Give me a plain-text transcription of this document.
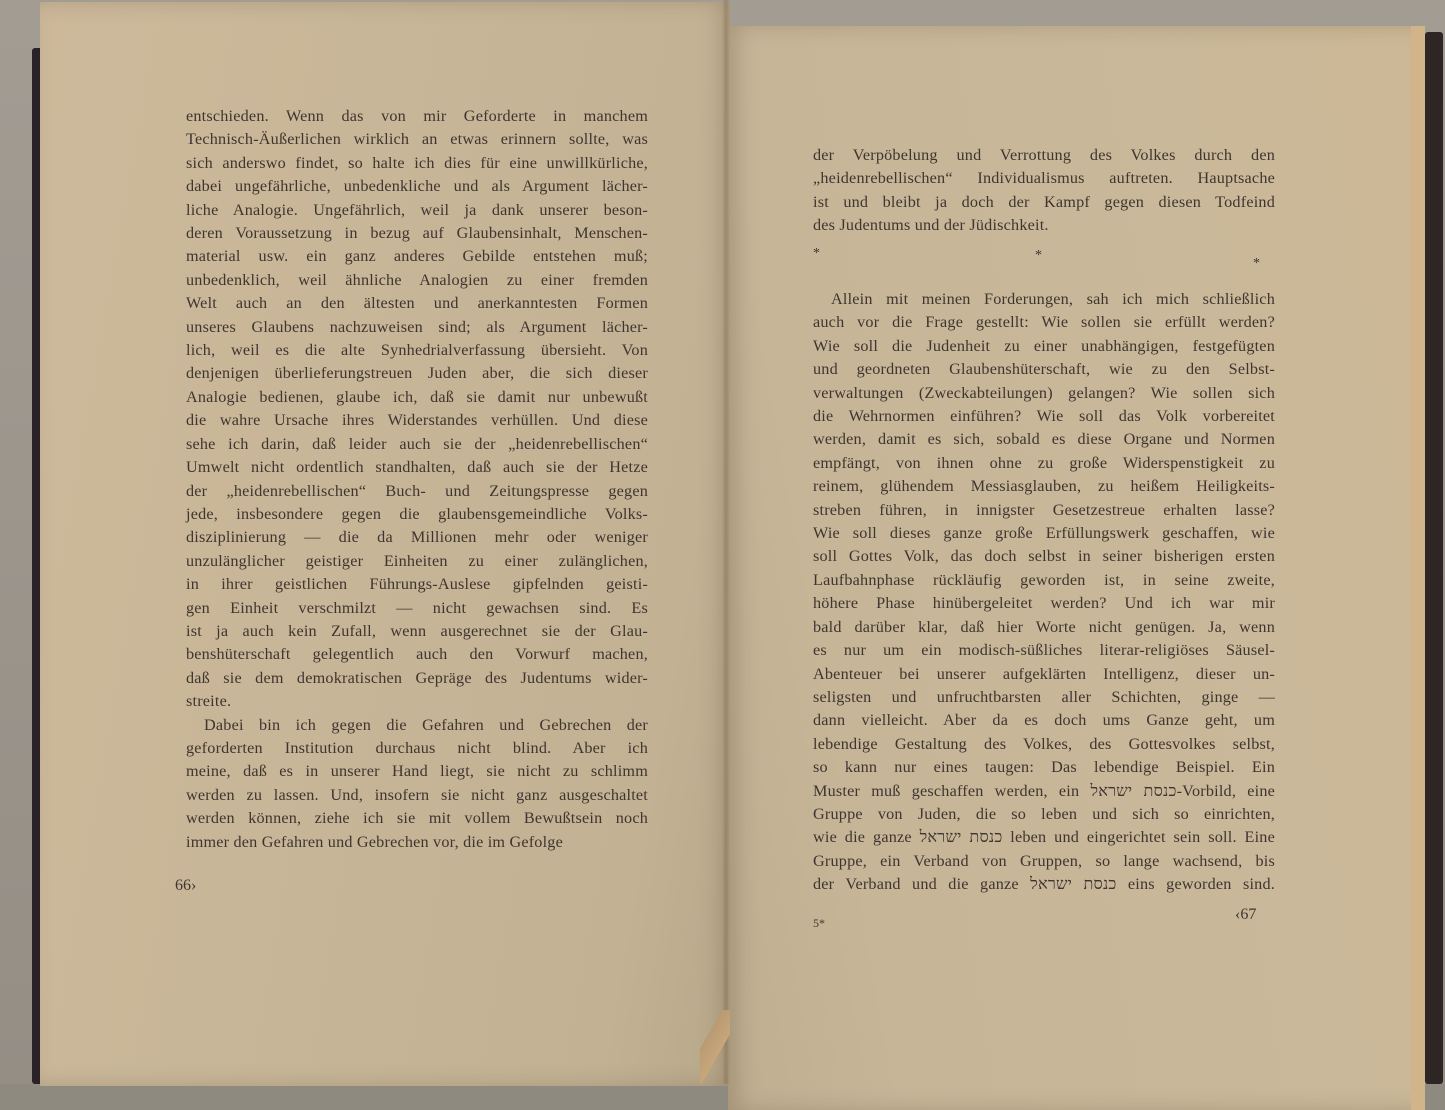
entschieden. Wenn das von mir Geforderte in manchem
Technisch-Äußerlichen wirklich an etwas erinnern sollte, was
sich anderswo findet, so halte ich dies für eine unwillkürliche,
dabei ungefährliche, unbedenkliche und als Argument lächer-
liche Analogie. Ungefährlich, weil ja dank unserer beson-
deren Voraussetzung in bezug auf Glaubensinhalt, Menschen-
material usw. ein ganz anderes Gebilde entstehen muß;
unbedenklich, weil ähnliche Analogien zu einer fremden
Welt auch an den ältesten und anerkanntesten Formen
unseres Glaubens nachzuweisen sind; als Argument lächer-
lich, weil es die alte Synhedrialverfassung übersieht. Von
denjenigen überlieferungstreuen Juden aber, die sich dieser
Analogie bedienen, glaube ich, daß sie damit nur unbewußt
die wahre Ursache ihres Widerstandes verhüllen. Und diese
sehe ich darin, daß leider auch sie der „heidenrebellischen“
Umwelt nicht ordentlich standhalten, daß auch sie der Hetze
der „heidenrebellischen“ Buch- und Zeitungspresse gegen
jede, insbesondere gegen die glaubensgemeindliche Volks-
disziplinierung — die da Millionen mehr oder weniger
unzulänglicher geistiger Einheiten zu einer zulänglichen,
in ihrer geistlichen Führungs-Auslese gipfelnden geisti-
gen Einheit verschmilzt — nicht gewachsen sind. Es
ist ja auch kein Zufall, wenn ausgerechnet sie der Glau-
benshüterschaft gelegentlich auch den Vorwurf machen,
daß sie dem demokratischen Gepräge des Judentums wider-
streite.
Dabei bin ich gegen die Gefahren und Gebrechen der
geforderten Institution durchaus nicht blind. Aber ich
meine, daß es in unserer Hand liegt, sie nicht zu schlimm
werden zu lassen. Und, insofern sie nicht ganz ausgeschaltet
werden können, ziehe ich sie mit vollem Bewußtsein noch
immer den Gefahren und Gebrechen vor, die im Gefolge
66›
der Verpöbelung und Verrottung des Volkes durch den
„heidenrebellischen“ Individualismus auftreten. Hauptsache
ist und bleibt ja doch der Kampf gegen diesen Todfeind
des Judentums und der Jüdischkeit.
*	*
*
Allein mit meinen Forderungen, sah ich mich schließlich
auch vor die Frage gestellt: Wie sollen sie erfüllt werden?
Wie soll die Judenheit zu einer unabhängigen, festgefügten
und geordneten Glaubenshüterschaft, wie zu den Selbst-
verwaltungen (Zweckabteilungen) gelangen? Wie sollen sich
die Wehrnormen einführen? Wie soll das Volk vorbereitet
werden, damit es sich, sobald es diese Organe und Normen
empfängt, von ihnen ohne zu große Widerspenstigkeit zu
reinem, glühendem Messiasglauben, zu heißem Heiligkeits-
streben führen, in innigster Gesetzestreue erhalten lasse?
Wie soll dieses ganze große Erfüllungswerk geschaffen, wie
soll Gottes Volk, das doch selbst in seiner bisherigen ersten
Laufbahnphase rückläufig geworden ist, in seine zweite,
höhere Phase hinübergeleitet werden? Und ich war mir
bald darüber klar, daß hier Worte nicht genügen. Ja, wenn
es nur um ein modisch-süßliches literar-religiöses Säusel-
Abenteuer bei unserer aufgeklärten Intelligenz, dieser un-
seligsten und unfruchtbarsten aller Schichten, ginge —
dann vielleicht. Aber da es doch ums Ganze geht, um
lebendige Gestaltung des Volkes, des Gottesvolkes selbst,
so kann nur eines taugen: Das lebendige Beispiel. Ein
Muster muß geschaffen werden, ein כנסת ישראל-Vorbild, eine
Gruppe von Juden, die so leben und sich so einrichten,
wie die ganze כנסת ישראל leben und eingerichtet sein soll. Eine
Gruppe, ein Verband von Gruppen, so lange wachsend, bis
der Verband und die ganze כנסת ישראל eins geworden sind.
5*	‹67
